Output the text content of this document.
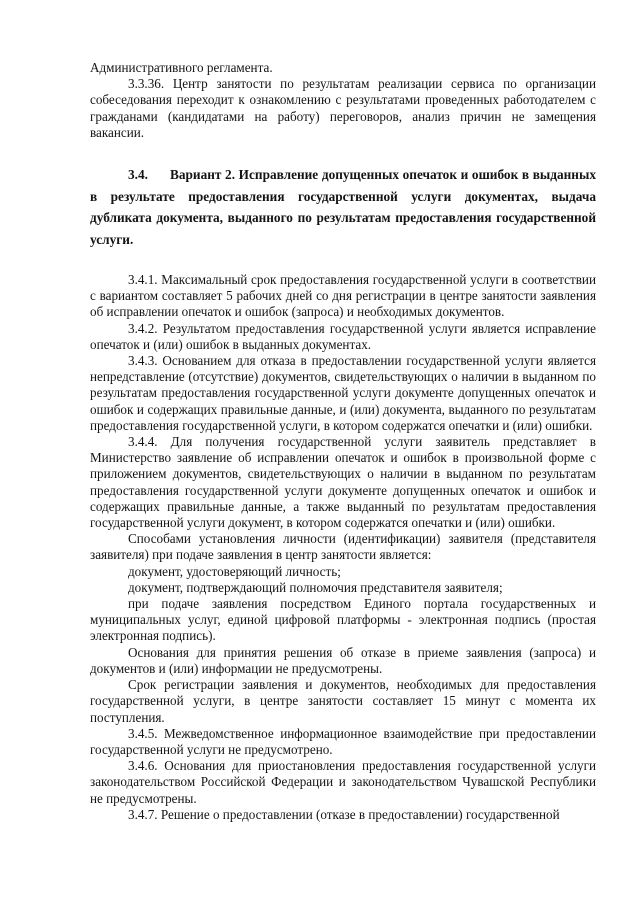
Административного регламента.

3.3.36. Центр занятости по результатам реализации сервиса по организации собеседования переходит к ознакомлению с результатами проведенных работодателем с гражданами (кандидатами на работу) переговоров, анализ причин не замещения вакансии.

3.4. Вариант 2. Исправление допущенных опечаток и ошибок в выданных в результате предоставления государственной услуги документах, выдача дубликата документа, выданного по результатам предоставления государственной услуги.

3.4.1. Максимальный срок предоставления государственной услуги в соответствии с вариантом составляет 5 рабочих дней со дня регистрации в центре занятости заявления об исправлении опечаток и ошибок (запроса) и необходимых документов.

3.4.2. Результатом предоставления государственной услуги является исправление опечаток и (или) ошибок в выданных документах.

3.4.3. Основанием для отказа в предоставлении государственной услуги является непредставление (отсутствие) документов, свидетельствующих о наличии в выданном по результатам предоставления государственной услуги документе допущенных опечаток и ошибок и содержащих правильные данные, и (или) документа, выданного по результатам предоставления государственной услуги, в котором содержатся опечатки и (или) ошибки.

3.4.4. Для получения государственной услуги заявитель представляет в Министерство заявление об исправлении опечаток и ошибок в произвольной форме с приложением документов, свидетельствующих о наличии в выданном по результатам предоставления государственной услуги документе допущенных опечаток и ошибок и содержащих правильные данные, а также выданный по результатам предоставления государственной услуги документ, в котором содержатся опечатки и (или) ошибки.

Способами установления личности (идентификации) заявителя (представителя заявителя) при подаче заявления в центр занятости является:

документ, удостоверяющий личность;

документ, подтверждающий полномочия представителя заявителя;

при подаче заявления посредством Единого портала государственных и муниципальных услуг, единой цифровой платформы - электронная подпись (простая электронная подпись).

Основания для принятия решения об отказе в приеме заявления (запроса) и документов и (или) информации не предусмотрены.

Срок регистрации заявления и документов, необходимых для предоставления государственной услуги, в центре занятости составляет 15 минут с момента их поступления.

3.4.5. Межведомственное информационное взаимодействие при предоставлении государственной услуги не предусмотрено.

3.4.6. Основания для приостановления предоставления государственной услуги законодательством Российской Федерации и законодательством Чувашской Республики не предусмотрены.

3.4.7. Решение о предоставлении (отказе в предоставлении) государственной
